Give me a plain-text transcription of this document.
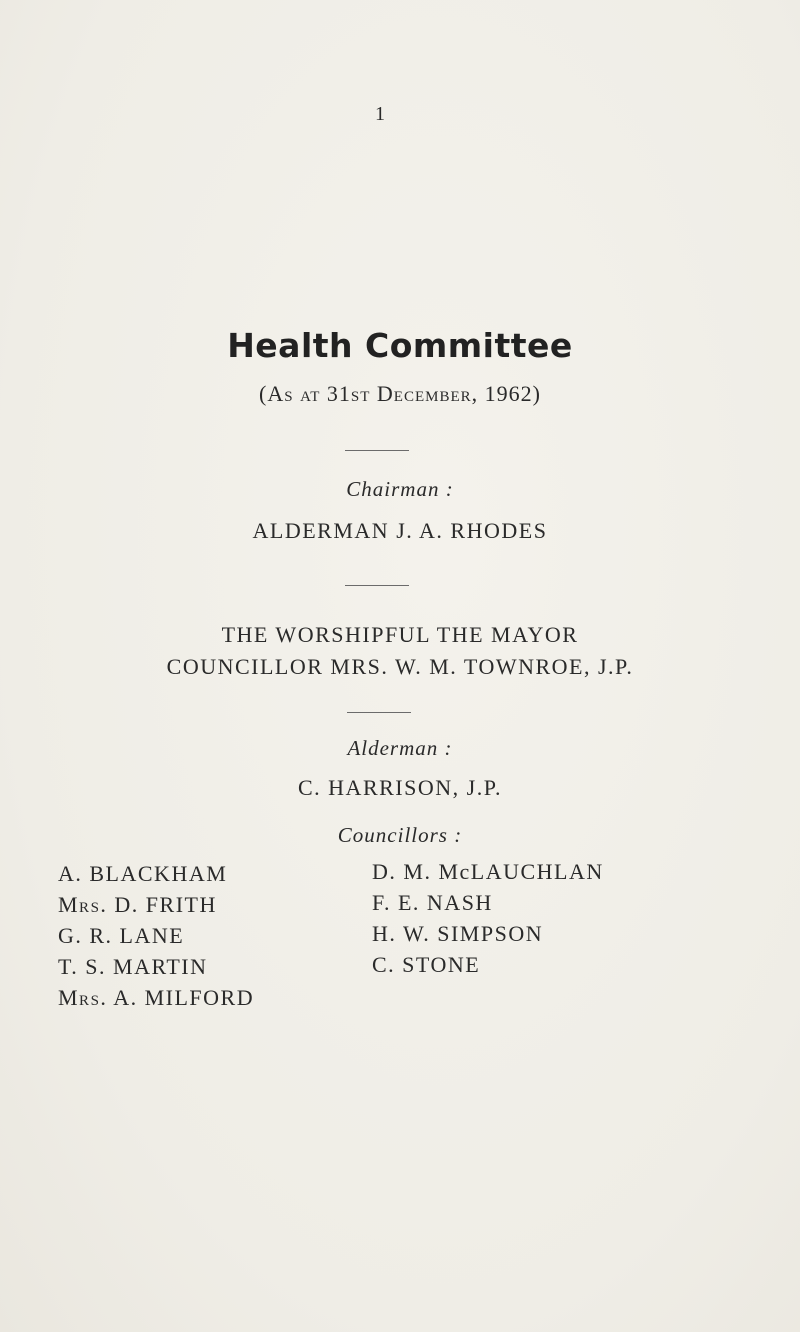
1
Health Committee
(As at 31st December, 1962)
Chairman :
ALDERMAN J. A. RHODES
THE WORSHIPFUL THE MAYOR
COUNCILLOR MRS. W. M. TOWNROE, J.P.
Alderman :
C. HARRISON, J.P.
Councillors :
A. BLACKHAM
Mrs. D. FRITH
G. R. LANE
T. S. MARTIN
Mrs. A. MILFORD
D. M. McLAUCHLAN
F. E. NASH
H. W. SIMPSON
C. STONE
